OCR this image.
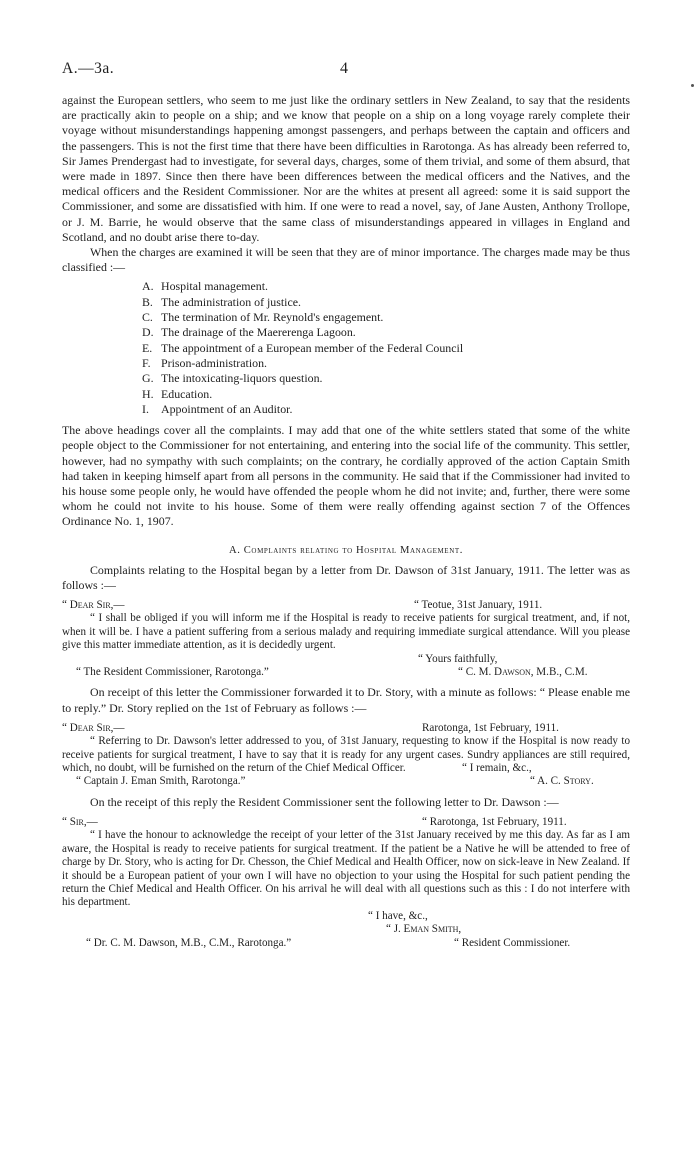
A.—3a.	4

against the European settlers, who seem to me just like the ordinary settlers in New Zealand, to say that the residents are practically akin to people on a ship; and we know that people on a ship on a long voyage rarely complete their voyage without misunderstandings happening amongst passengers, and perhaps between the captain and officers and the passengers. This is not the first time that there have been difficulties in Rarotonga. As has already been referred to, Sir James Prendergast had to investigate, for several days, charges, some of them trivial, and some of them absurd, that were made in 1897. Since then there have been differences between the medical officers and the Natives, and the medical officers and the Resident Commissioner. Nor are the whites at present all agreed: some it is said support the Commissioner, and some are dissatisfied with him. If one were to read a novel, say, of Jane Austen, Anthony Trollope, or J. M. Barrie, he would observe that the same class of misunderstandings appeared in villages in England and Scotland, and no doubt arise there to-day.

When the charges are examined it will be seen that they are of minor importance. The charges made may be thus classified :—

A. Hospital management.
B. The administration of justice.
C. The termination of Mr. Reynold's engagement.
D. The drainage of the Maererenga Lagoon.
E. The appointment of a European member of the Federal Council
F. Prison-administration.
G. The intoxicating-liquors question.
H. Education.
I. Appointment of an Auditor.

The above headings cover all the complaints. I may add that one of the white settlers stated that some of the white people object to the Commissioner for not entertaining, and entering into the social life of the community. This settler, however, had no sympathy with such complaints; on the contrary, he cordially approved of the action Captain Smith had taken in keeping himself apart from all persons in the community. He said that if the Commissioner had invited to his house some people only, he would have offended the people whom he did not invite; and, further, there were some whom he could not invite to his house. Some of them were really offending against section 7 of the Offences Ordinance No. 1, 1907.

A. Complaints relating to Hospital Management.

Complaints relating to the Hospital began by a letter from Dr. Dawson of 31st January, 1911. The letter was as follows :—

“ Dear Sir,—	“ Teotue, 31st January, 1911.

“ I shall be obliged if you will inform me if the Hospital is ready to receive patients for surgical treatment, and, if not, when it will be. I have a patient suffering from a serious malady and requiring immediate surgical attendance. Will you please give this matter immediate attention, as it is decidedly urgent.

“ Yours faithfully,
“ The Resident Commissioner, Rarotonga.”	“ C. M. Dawson, M.B., C.M.

On receipt of this letter the Commissioner forwarded it to Dr. Story, with a minute as follows: “ Please enable me to reply.” Dr. Story replied on the 1st of February as follows :—

“ Dear Sir,—	Rarotonga, 1st February, 1911.

“ Referring to Dr. Dawson's letter addressed to you, of 31st January, requesting to know if the Hospital is now ready to receive patients for surgical treatment, I have to say that it is ready for any urgent cases. Sundry appliances are still required, which, no doubt, will be furnished on the return of the Chief Medical Officer.	“ I remain, &c.,
“ Captain J. Eman Smith, Rarotonga.”	“ A. C. Story.

On the receipt of this reply the Resident Commissioner sent the following letter to Dr. Dawson :—

“ Sir,—	“ Rarotonga, 1st February, 1911.

“ I have the honour to acknowledge the receipt of your letter of the 31st January received by me this day. As far as I am aware, the Hospital is ready to receive patients for surgical treatment. If the patient be a Native he will be attended to free of charge by Dr. Story, who is acting for Dr. Chesson, the Chief Medical and Health Officer, now on sick-leave in New Zealand. If it should be a European patient of your own I will have no objection to your using the Hospital for such patient pending the return the Chief Medical and Health Officer. On his arrival he will deal with all questions such as this : I do not interfere with his department.

“ I have, &c.,
“ J. Eman Smith,
“ Dr. C. M. Dawson, M.B., C.M., Rarotonga.”	“ Resident Commissioner.
